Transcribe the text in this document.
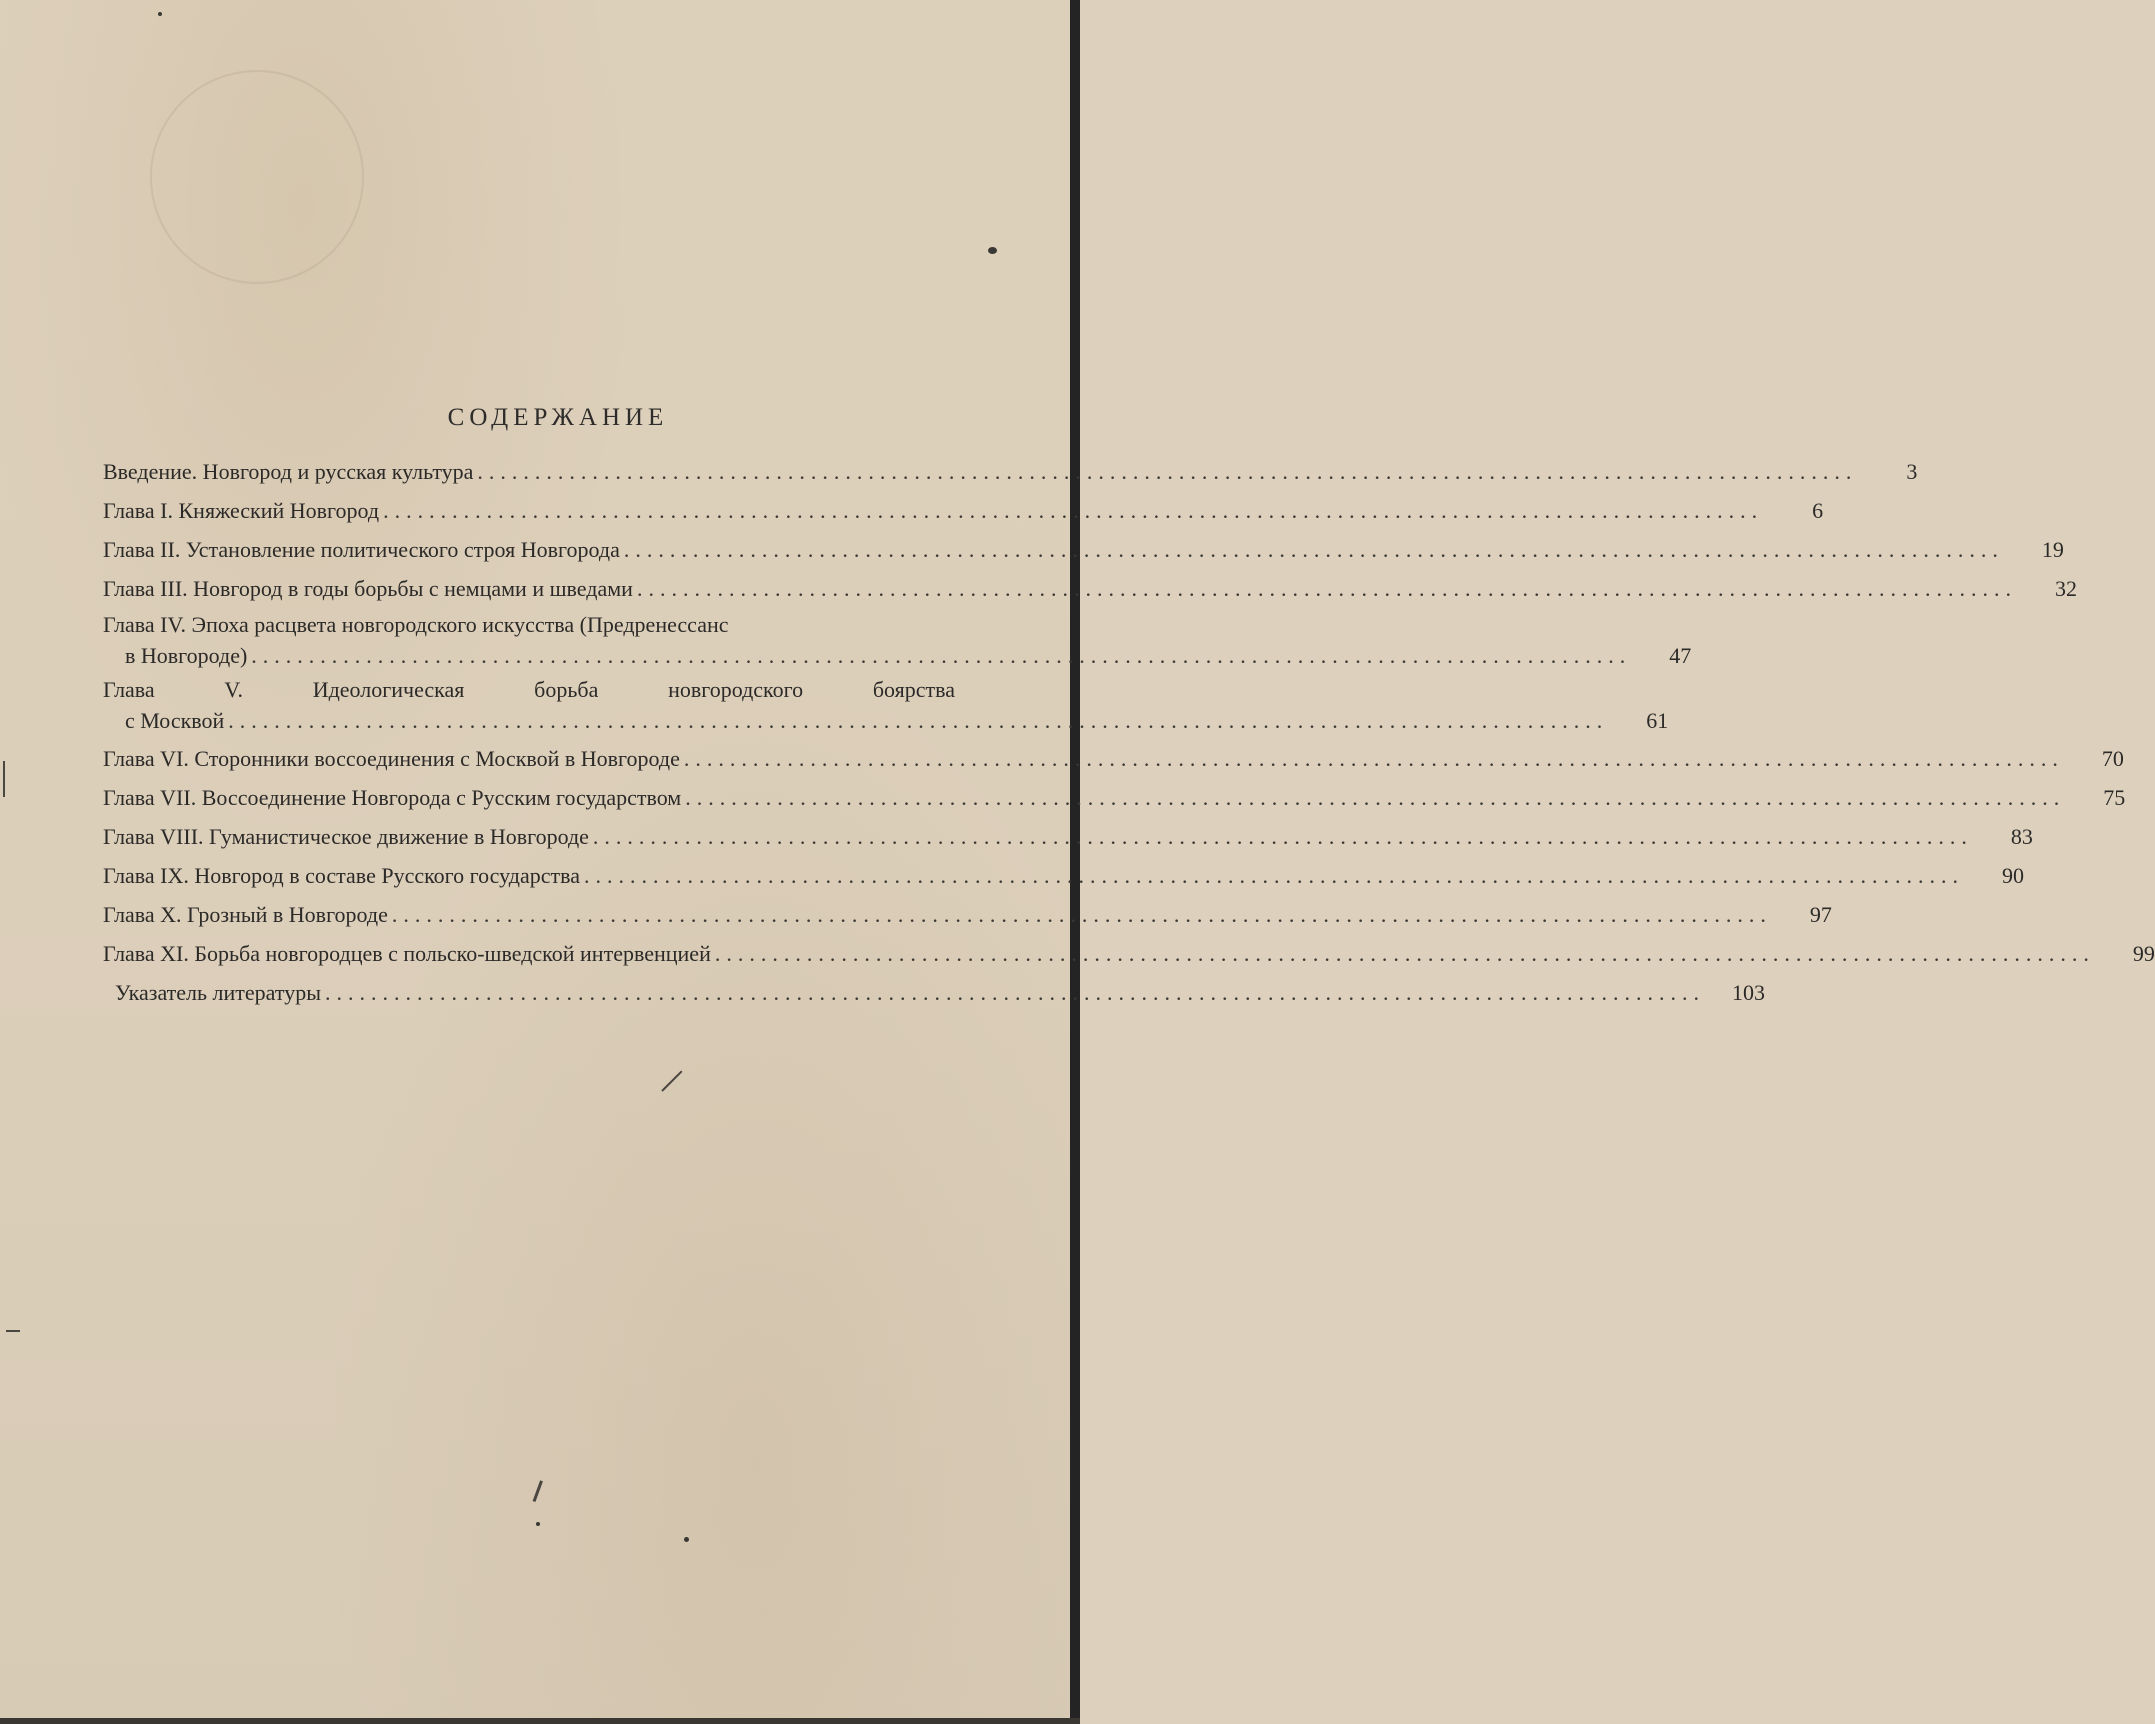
СОДЕРЖАНИЕ
Введение. Новгород и русская культура ........................................................................................................................	3
Глава I. Княжеский Новгород ........................................................................................................................	6
Глава II. Установление политического строя Новгорода ........................................................................................................................	19
Глава III. Новгород в годы борьбы с немцами и шведами ........................................................................................................................	32
Глава IV. Эпоха расцвета новгородского искусства (Предренессанс
в Новгороде) ........................................................................................................................	47
Глава	V.	Идеологическая	борьба	новгородского	боярства
с Москвой ........................................................................................................................	61
Глава VI. Сторонники воссоединения с Москвой в Новгороде ........................................................................................................................	70
Глава VII. Воссоединение Новгорода с Русским государством ........................................................................................................................	75
Глава VIII. Гуманистическое движение в Новгороде ........................................................................................................................	83
Глава IX. Новгород в составе Русского государства ........................................................................................................................	90
Глава X. Грозный в Новгороде ........................................................................................................................	97
Глава XI. Борьба новгородцев с польско-шведской интервенцией ........................................................................................................................	99
Указатель литературы ........................................................................................................................	103
